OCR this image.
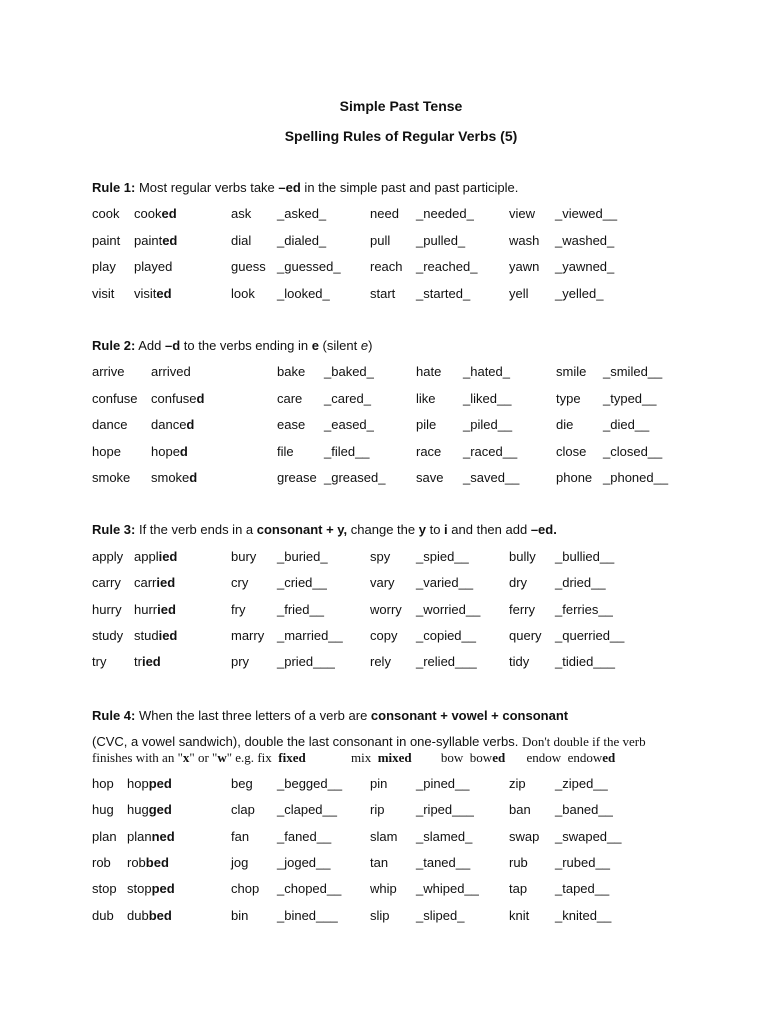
Simple Past Tense
Spelling Rules of Regular Verbs (5)
Rule 1: Most regular verbs take –ed in the simple past and past participle.
cook cooked	ask _asked_	need _needed_	view _viewed__
paint painted	dial _dialed_	pull _pulled_	wash _washed_
play played	guess _guessed_ reach _reached_ yawn _yawned_
visit visited	look _looked_	start _started_	yell _yelled_
Rule 2: Add –d to the verbs ending in e (silent e)
arrive arrived	bake _baked_	hate _hated_	smile _smiled__
confuse confused	care _cared_	like _liked__	type _typed__
dance danced	ease _eased_	pile _piled__	die _died__
hope hoped	file _filed__	race _raced__	close _closed__
smoke smoked	grease _greased_ save _saved__	phone _phoned__
Rule 3: If the verb ends in a consonant + y, change the y to i and then add –ed.
apply applied	bury _buried_	spy _spied__	bully _bullied__
carry carried	cry _cried__	vary _varied__	dry _dried__
hurry hurried	fry _fried__	worry _worried__ ferry _ferries__
study studied	marry _married__ copy _copied__	query _querried__
try tried	pry _pried___	rely _relied___ tidy _tidied___
Rule 4: When the last three letters of a verb are consonant + vowel + consonant
(CVC, a vowel sandwich), double the last consonant in one-syllable verbs. Don't double if the verb
finishes with an "x" or "w" e.g. fix fixed	mix mixed bow bowed endow endowed
hop hopped	beg _begged__ pin _pined__	zip _ziped__
hug hugged	clap _claped__	rip _riped___	ban _baned__
plan planned	fan _faned__	slam _slamed_	swap _swaped__
rob robbed	jog _joged__	tan _taned__	rub _rubed__
stop stopped	chop _choped__ whip _whiped__ tap _taped__
dub dubbed	bin _bined___ slip _sliped_	knit _knited__
